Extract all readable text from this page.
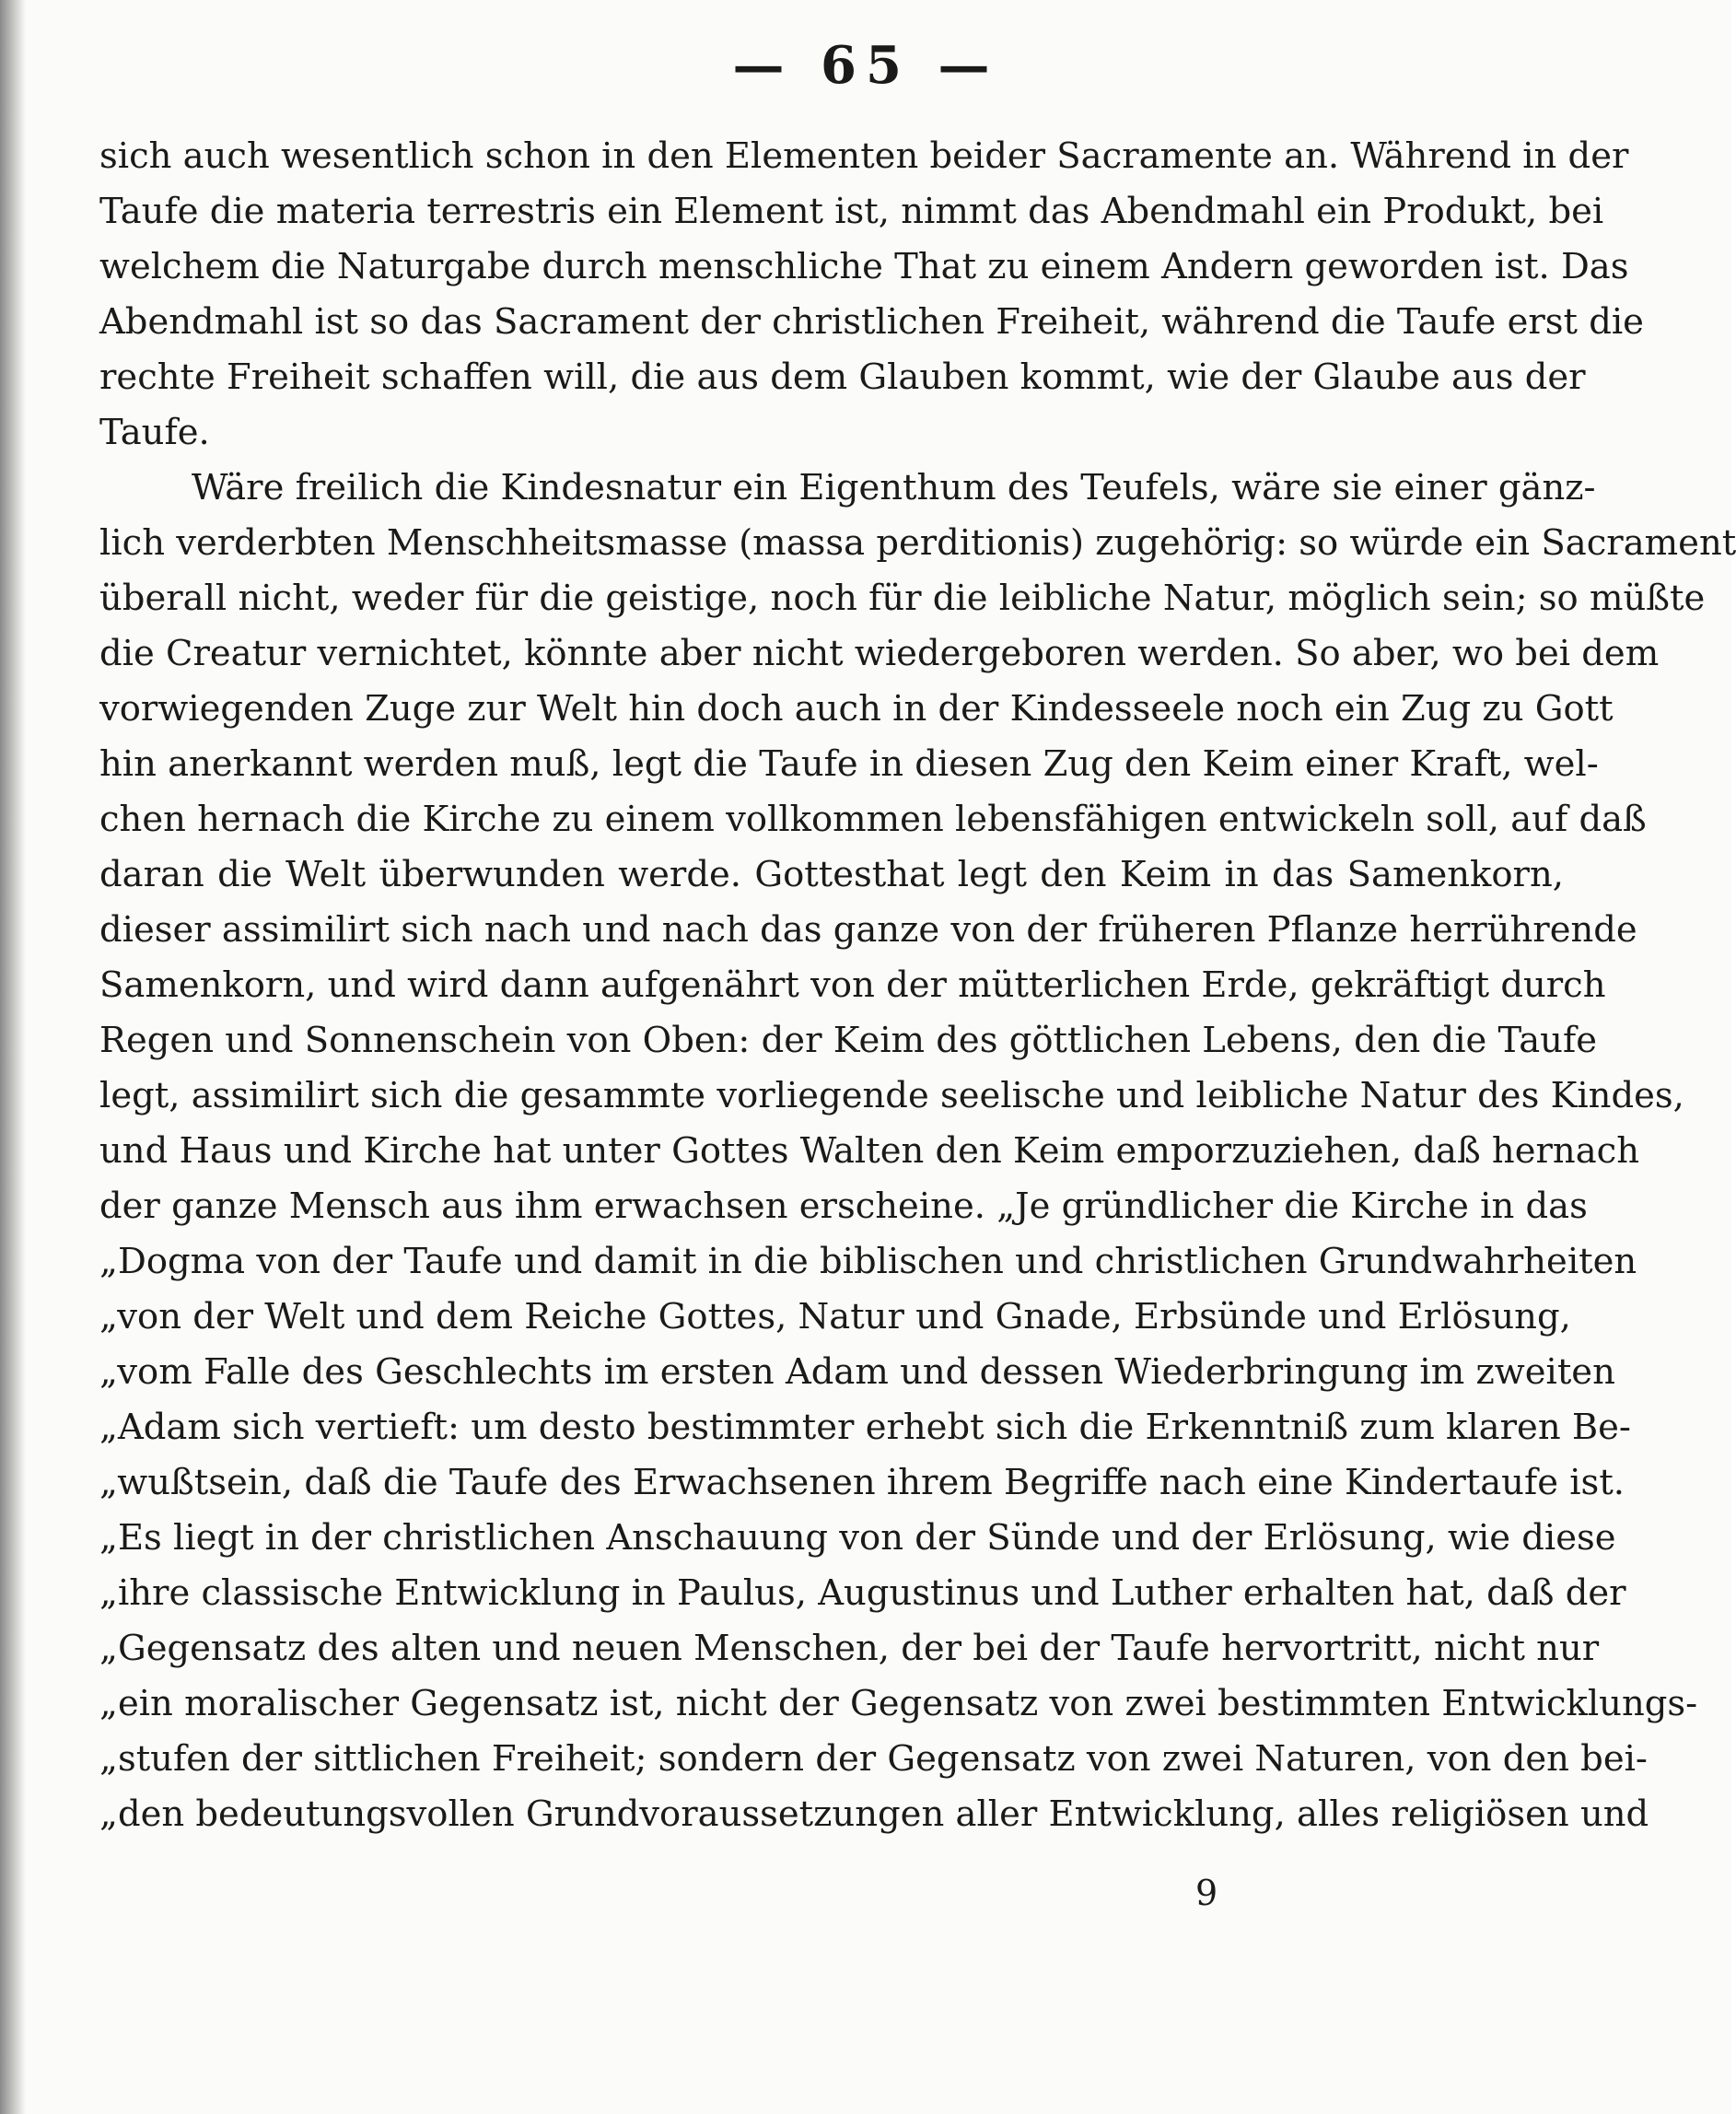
— 65 —
sich auch wesentlich schon in den Elementen beider Sacramente an. Während in der
Taufe die materia terrestris ein Element ist, nimmt das Abendmahl ein Produkt, bei
welchem die Naturgabe durch menschliche That zu einem Andern geworden ist. Das
Abendmahl ist so das Sacrament der christlichen Freiheit, während die Taufe erst die
rechte Freiheit schaffen will, die aus dem Glauben kommt, wie der Glaube aus der
Taufe.
Wäre freilich die Kindesnatur ein Eigenthum des Teufels, wäre sie einer gänz-
lich verderbten Menschheitsmasse (massa perditionis) zugehörig: so würde ein Sacrament
überall nicht, weder für die geistige, noch für die leibliche Natur, möglich sein; so müßte
die Creatur vernichtet, könnte aber nicht wiedergeboren werden. So aber, wo bei dem
vorwiegenden Zuge zur Welt hin doch auch in der Kindesseele noch ein Zug zu Gott
hin anerkannt werden muß, legt die Taufe in diesen Zug den Keim einer Kraft, wel-
chen hernach die Kirche zu einem vollkommen lebensfähigen entwickeln soll, auf daß
daran die Welt überwunden werde. Gottesthat legt den Keim in das Samenkorn,
dieser assimilirt sich nach und nach das ganze von der früheren Pflanze herrührende
Samenkorn, und wird dann aufgenährt von der mütterlichen Erde, gekräftigt durch
Regen und Sonnenschein von Oben: der Keim des göttlichen Lebens, den die Taufe
legt, assimilirt sich die gesammte vorliegende seelische und leibliche Natur des Kindes,
und Haus und Kirche hat unter Gottes Walten den Keim emporzuziehen, daß hernach
der ganze Mensch aus ihm erwachsen erscheine. „Je gründlicher die Kirche in das
„Dogma von der Taufe und damit in die biblischen und christlichen Grundwahrheiten
„von der Welt und dem Reiche Gottes, Natur und Gnade, Erbsünde und Erlösung,
„vom Falle des Geschlechts im ersten Adam und dessen Wiederbringung im zweiten
„Adam sich vertieft: um desto bestimmter erhebt sich die Erkenntniß zum klaren Be-
„wußtsein, daß die Taufe des Erwachsenen ihrem Begriffe nach eine Kindertaufe ist.
„Es liegt in der christlichen Anschauung von der Sünde und der Erlösung, wie diese
„ihre classische Entwicklung in Paulus, Augustinus und Luther erhalten hat, daß der
„Gegensatz des alten und neuen Menschen, der bei der Taufe hervortritt, nicht nur
„ein moralischer Gegensatz ist, nicht der Gegensatz von zwei bestimmten Entwicklungs-
„stufen der sittlichen Freiheit; sondern der Gegensatz von zwei Naturen, von den bei-
„den bedeutungsvollen Grundvoraussetzungen aller Entwicklung, alles religiösen und
9
